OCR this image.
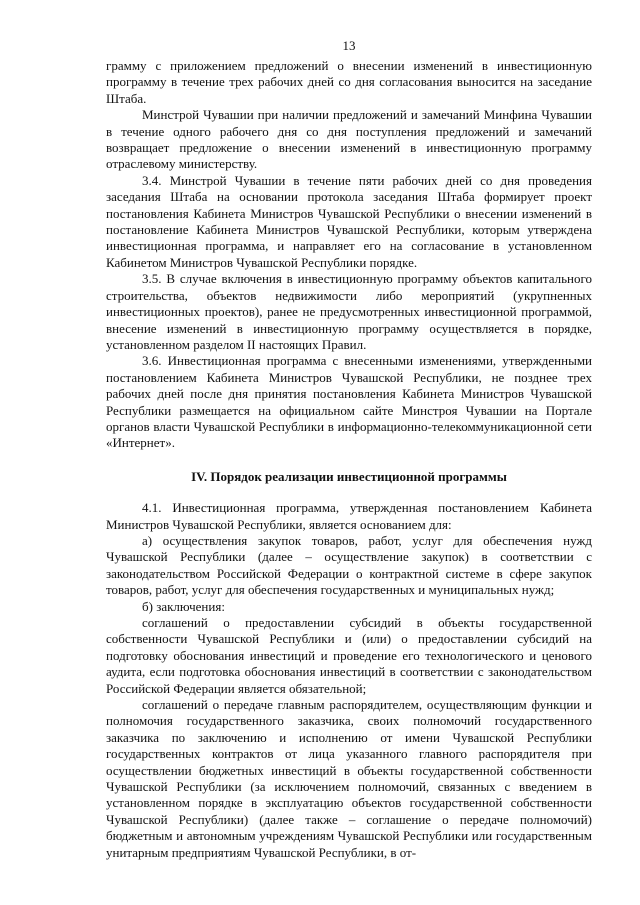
13

грамму с приложением предложений о внесении изменений в инвестиционную программу в течение трех рабочих дней со дня согласования выносится на заседание Штаба.

Минстрой Чувашии при наличии предложений и замечаний Минфина Чувашии в течение одного рабочего дня со дня поступления предложений и замечаний возвращает предложение о внесении изменений в инвестиционную программу отраслевому министерству.

3.4. Минстрой Чувашии в течение пяти рабочих дней со дня проведения заседания Штаба на основании протокола заседания Штаба формирует проект постановления Кабинета Министров Чувашской Республики о внесении изменений в постановление Кабинета Министров Чувашской Республики, которым утверждена инвестиционная программа, и направляет его на согласование в установленном Кабинетом Министров Чувашской Республики порядке.

3.5. В случае включения в инвестиционную программу объектов капитального строительства, объектов недвижимости либо мероприятий (укрупненных инвестиционных проектов), ранее не предусмотренных инвестиционной программой, внесение изменений в инвестиционную программу осуществляется в порядке, установленном разделом II настоящих Правил.

3.6. Инвестиционная программа с внесенными изменениями, утвержденными постановлением Кабинета Министров Чувашской Республики, не позднее трех рабочих дней после дня принятия постановления Кабинета Министров Чувашской Республики размещается на официальном сайте Минстроя Чувашии на Портале органов власти Чувашской Республики в информационно-телекоммуникационной сети «Интернет».

IV. Порядок реализации инвестиционной программы

4.1. Инвестиционная программа, утвержденная постановлением Кабинета Министров Чувашской Республики, является основанием для:

а) осуществления закупок товаров, работ, услуг для обеспечения нужд Чувашской Республики (далее – осуществление закупок) в соответствии с законодательством Российской Федерации о контрактной системе в сфере закупок товаров, работ, услуг для обеспечения государственных и муниципальных нужд;

б) заключения:

соглашений о предоставлении субсидий в объекты государственной собственности Чувашской Республики и (или) о предоставлении субсидий на подготовку обоснования инвестиций и проведение его технологического и ценового аудита, если подготовка обоснования инвестиций в соответствии с законодательством Российской Федерации является обязательной;

соглашений о передаче главным распорядителем, осуществляющим функции и полномочия государственного заказчика, своих полномочий государственного заказчика по заключению и исполнению от имени Чувашской Республики государственных контрактов от лица указанного главного распорядителя при осуществлении бюджетных инвестиций в объекты государственной собственности Чувашской Республики (за исключением полномочий, связанных с введением в установленном порядке в эксплуатацию объектов государственной собственности Чувашской Республики) (далее также – соглашение о передаче полномочий) бюджетным и автономным учреждениям Чувашской Республики или государственным унитарным предприятиям Чувашской Республики, в от-
